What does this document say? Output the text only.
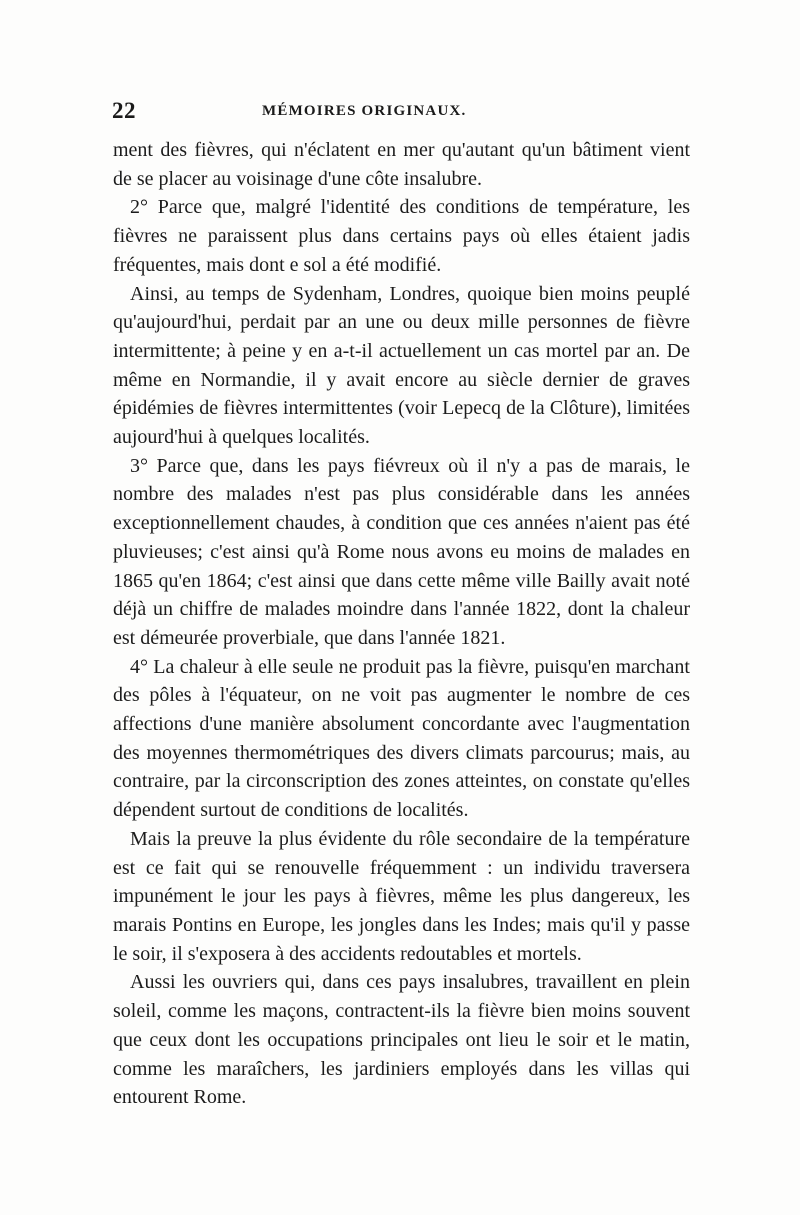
22	MÉMOIRES ORIGINAUX.

ment des fièvres, qui n'éclatent en mer qu'autant qu'un bâtiment vient de se placer au voisinage d'une côte insalubre.

2° Parce que, malgré l'identité des conditions de température, les fièvres ne paraissent plus dans certains pays où elles étaient jadis fréquentes, mais dont e sol a été modifié.

Ainsi, au temps de Sydenham, Londres, quoique bien moins peuplé qu'aujourd'hui, perdait par an une ou deux mille personnes de fièvre intermittente; à peine y en a-t-il actuellement un cas mortel par an. De même en Normandie, il y avait encore au siècle dernier de graves épidémies de fièvres intermittentes (voir Lepecq de la Clôture), limitées aujourd'hui à quelques localités.

3° Parce que, dans les pays fiévreux où il n'y a pas de marais, le nombre des malades n'est pas plus considérable dans les années exceptionnellement chaudes, à condition que ces années n'aient pas été pluvieuses; c'est ainsi qu'à Rome nous avons eu moins de malades en 1865 qu'en 1864; c'est ainsi que dans cette même ville Bailly avait noté déjà un chiffre de malades moindre dans l'année 1822, dont la chaleur est démeurée proverbiale, que dans l'année 1821.

4° La chaleur à elle seule ne produit pas la fièvre, puisqu'en marchant des pôles à l'équateur, on ne voit pas augmenter le nombre de ces affections d'une manière absolument concordante avec l'augmentation des moyennes thermométriques des divers climats parcourus; mais, au contraire, par la circonscription des zones atteintes, on constate qu'elles dépendent surtout de conditions de localités.

Mais la preuve la plus évidente du rôle secondaire de la température est ce fait qui se renouvelle fréquemment : un individu traversera impunément le jour les pays à fièvres, même les plus dangereux, les marais Pontins en Europe, les jongles dans les Indes; mais qu'il y passe le soir, il s'exposera à des accidents redoutables et mortels.

Aussi les ouvriers qui, dans ces pays insalubres, travaillent en plein soleil, comme les maçons, contractent-ils la fièvre bien moins souvent que ceux dont les occupations principales ont lieu le soir et le matin, comme les maraîchers, les jardiniers employés dans les villas qui entourent Rome.
